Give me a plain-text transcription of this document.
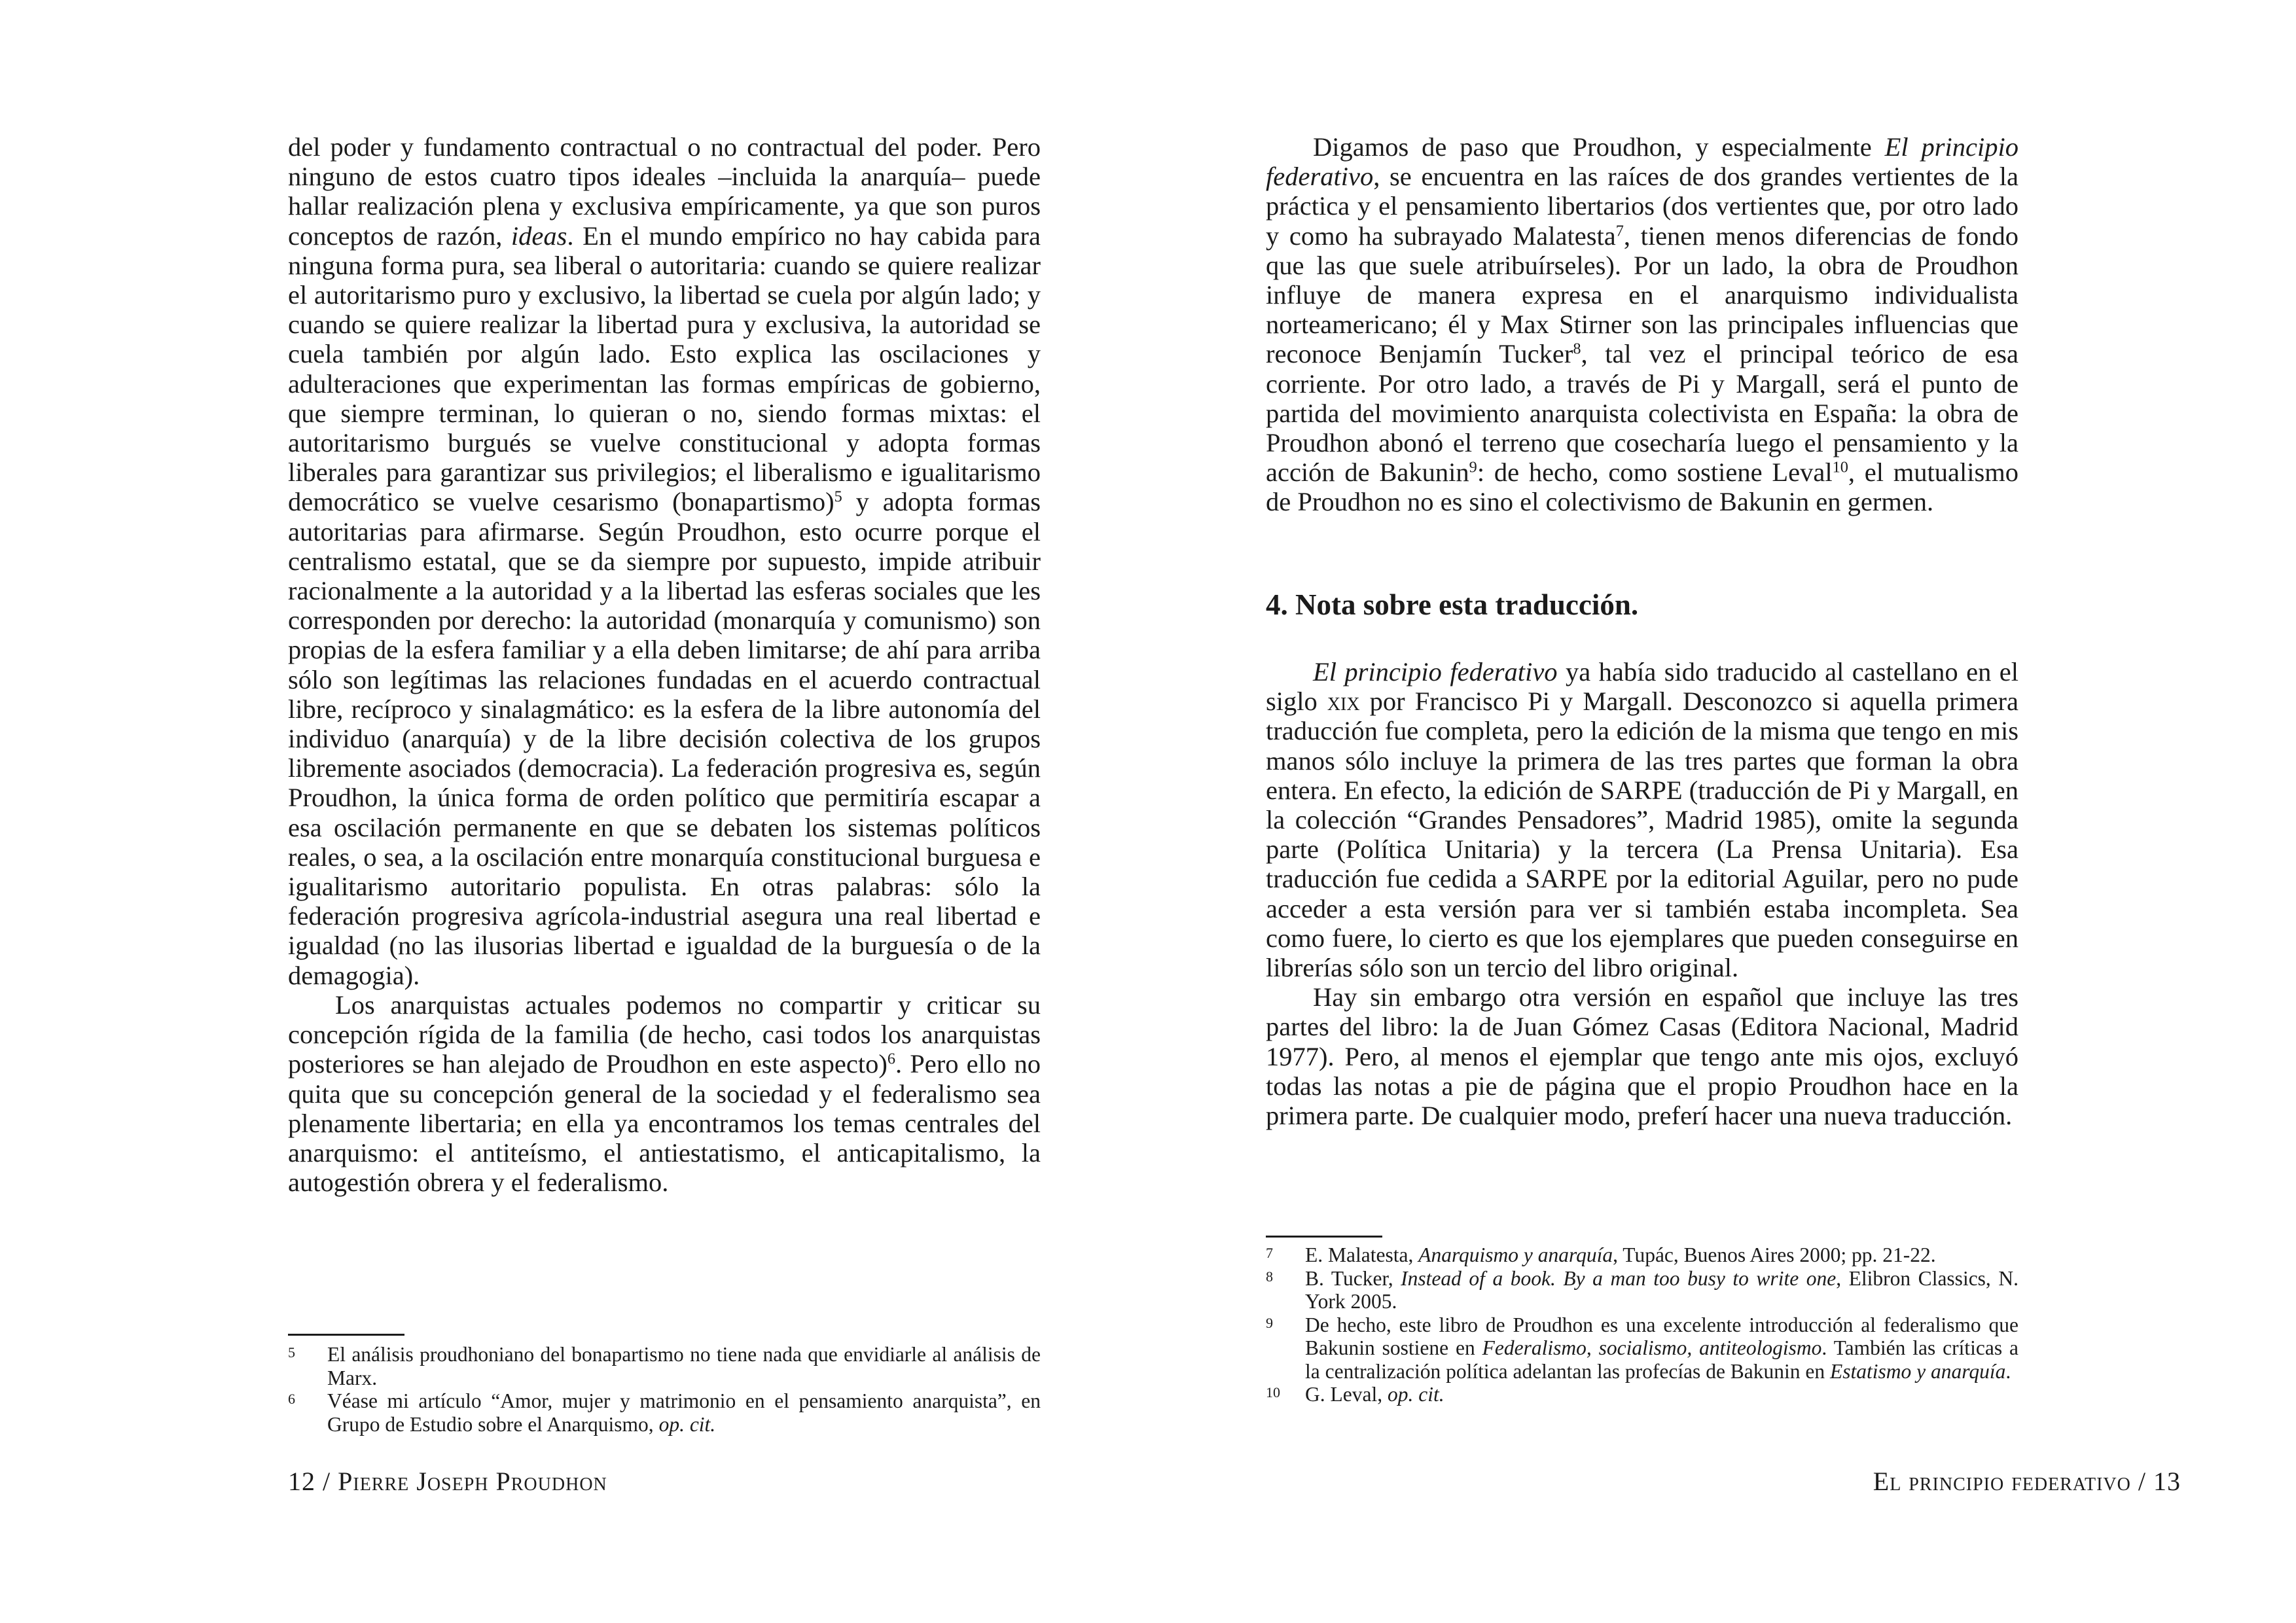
del poder y fundamento contractual o no contractual del poder. Pero ninguno de estos cuatro tipos ideales –incluida la anarquía– puede hallar realización plena y exclusiva empíricamente, ya que son puros conceptos de razón, ideas. En el mundo empírico no hay cabida para ninguna forma pura, sea liberal o autoritaria: cuando se quiere realizar el autoritarismo puro y exclusivo, la libertad se cuela por algún lado; y cuando se quiere realizar la libertad pura y exclusiva, la autoridad se cuela también por algún lado. Esto explica las oscilaciones y adulteraciones que experimentan las formas empíricas de gobierno, que siempre terminan, lo quieran o no, siendo formas mixtas: el autoritarismo burgués se vuelve constitucional y adopta formas liberales para garantizar sus privilegios; el liberalismo e igualitarismo democrático se vuelve cesarismo (bonapartismo)$^5$ y adopta formas autoritarias para afirmarse. Según Proudhon, esto ocurre porque el centralismo estatal, que se da siempre por supuesto, impide atribuir racionalmente a la autoridad y a la libertad las esferas sociales que les corresponden por derecho: la autoridad (monarquía y comunismo) son propias de la esfera familiar y a ella deben limitarse; de ahí para arriba sólo son legítimas las relaciones fundadas en el acuerdo contractual libre, recíproco y sinalagmático: es la esfera de la libre autonomía del individuo (anarquía) y de la libre decisión colectiva de los grupos libremente asociados (democracia). La federación progresiva es, según Proudhon, la única forma de orden político que permitiría escapar a esa oscilación permanente en que se debaten los sistemas políticos reales, o sea, a la oscilación entre monarquía constitucional burguesa e igualitarismo autoritario populista. En otras palabras: sólo la federación progresiva agrícola-industrial asegura una real libertad e igualdad (no las ilusorias libertad e igualdad de la burguesía o de la demagogia).

Los anarquistas actuales podemos no compartir y criticar su concepción rígida de la familia (de hecho, casi todos los anarquistas posteriores se han alejado de Proudhon en este aspecto)$^6$. Pero ello no quita que su concepción general de la sociedad y el federalismo sea plenamente libertaria; en ella ya encontramos los temas centrales del anarquismo: el antiteísmo, el antiestatismo, el anticapitalismo, la autogestión obrera y el federalismo.

5 El análisis proudhoniano del bonapartismo no tiene nada que envidiarle al análisis de Marx.

6 Véase mi artículo “Amor, mujer y matrimonio en el pensamiento anarquista”, en Grupo de Estudio sobre el Anarquismo, op. cit.

12 / Pierre Joseph Proudhon

Digamos de paso que Proudhon, y especialmente El principio federativo, se encuentra en las raíces de dos grandes vertientes de la práctica y el pensamiento libertarios (dos vertientes que, por otro lado y como ha subrayado Malatesta$^7$, tienen menos diferencias de fondo que las que suele atribuírseles). Por un lado, la obra de Proudhon influye de manera expresa en el anarquismo individualista norteamericano; él y Max Stirner son las principales influencias que reconoce Benjamín Tucker$^8$, tal vez el principal teórico de esa corriente. Por otro lado, a través de Pi y Margall, será el punto de partida del movimiento anarquista colectivista en España: la obra de Proudhon abonó el terreno que cosecharía luego el pensamiento y la acción de Bakunin$^9$: de hecho, como sostiene Leval$^{10}$, el mutualismo de Proudhon no es sino el colectivismo de Bakunin en germen.

4. Nota sobre esta traducción.

El principio federativo ya había sido traducido al castellano en el siglo xix por Francisco Pi y Margall. Desconozco si aquella primera traducción fue completa, pero la edición de la misma que tengo en mis manos sólo incluye la primera de las tres partes que forman la obra entera. En efecto, la edición de SARPE (traducción de Pi y Margall, en la colección “Grandes Pensadores”, Madrid 1985), omite la segunda parte (Política Unitaria) y la tercera (La Prensa Unitaria). Esa traducción fue cedida a SARPE por la editorial Aguilar, pero no pude acceder a esta versión para ver si también estaba incompleta. Sea como fuere, lo cierto es que los ejemplares que pueden conseguirse en librerías sólo son un tercio del libro original.

Hay sin embargo otra versión en español que incluye las tres partes del libro: la de Juan Gómez Casas (Editora Nacional, Madrid 1977). Pero, al menos el ejemplar que tengo ante mis ojos, excluyó todas las notas a pie de página que el propio Proudhon hace en la primera parte. De cualquier modo, preferí hacer una nueva traducción.

7 E. Malatesta, Anarquismo y anarquía, Tupác, Buenos Aires 2000; pp. 21-22.

8 B. Tucker, Instead of a book. By a man too busy to write one, Elibron Classics, N. York 2005.

9 De hecho, este libro de Proudhon es una excelente introducción al federalismo que Bakunin sostiene en Federalismo, socialismo, antiteologismo. También las críticas a la centralización política adelantan las profecías de Bakunin en Estatismo y anarquía.

10 G. Leval, op. cit.

El principio federativo / 13
